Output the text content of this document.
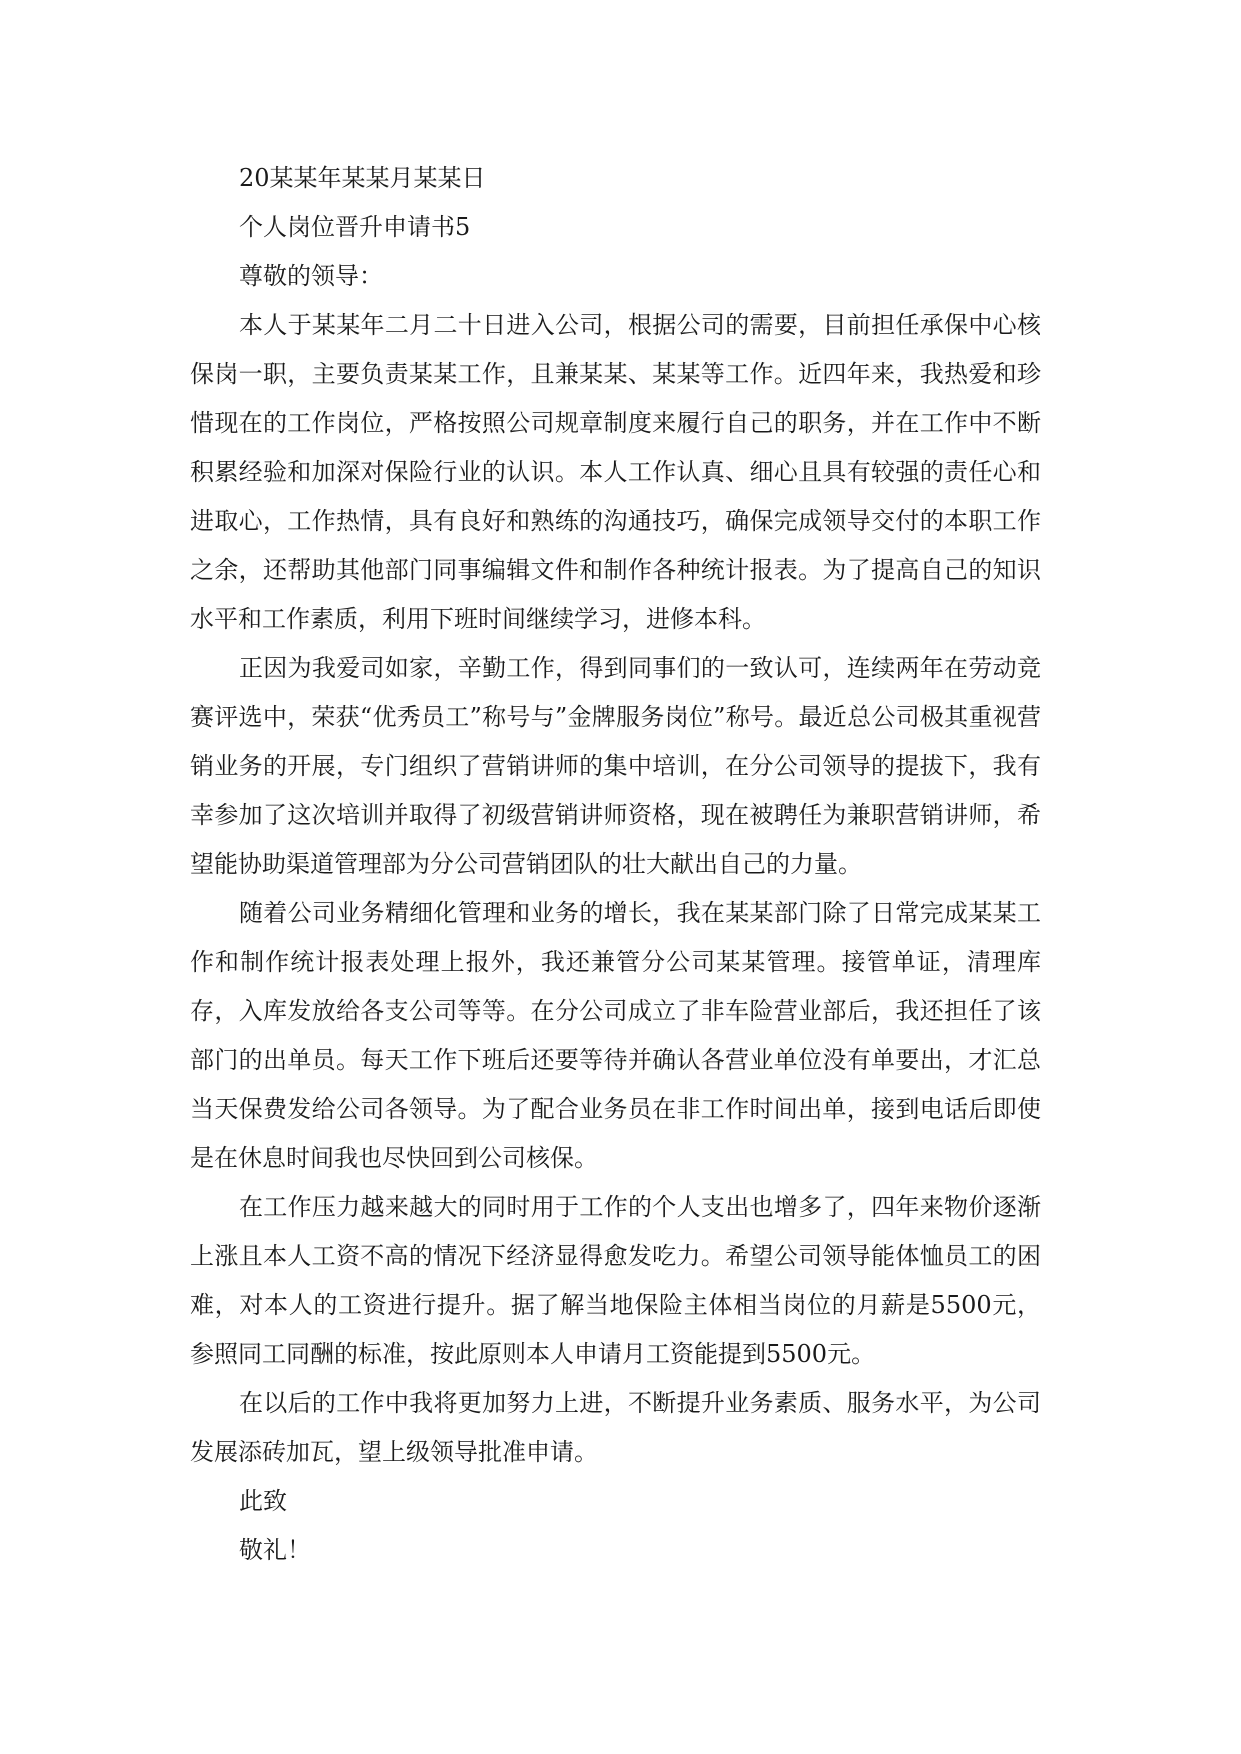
20某某年某某月某某日

个人岗位晋升申请书5

尊敬的领导：

本人于某某年二月二十日进入公司，根据公司的需要，目前担任承保中心核保岗一职，主要负责某某工作，且兼某某、某某等工作。近四年来，我热爱和珍惜现在的工作岗位，严格按照公司规章制度来履行自己的职务，并在工作中不断积累经验和加深对保险行业的认识。本人工作认真、细心且具有较强的责任心和进取心，工作热情，具有良好和熟练的沟通技巧，确保完成领导交付的本职工作之余，还帮助其他部门同事编辑文件和制作各种统计报表。为了提高自己的知识水平和工作素质，利用下班时间继续学习，进修本科。

正因为我爱司如家，辛勤工作，得到同事们的一致认可，连续两年在劳动竞赛评选中，荣获“优秀员工”称号与”金牌服务岗位”称号。最近总公司极其重视营销业务的开展，专门组织了营销讲师的集中培训，在分公司领导的提拔下，我有幸参加了这次培训并取得了初级营销讲师资格，现在被聘任为兼职营销讲师，希望能协助渠道管理部为分公司营销团队的壮大献出自己的力量。

随着公司业务精细化管理和业务的增长，我在某某部门除了日常完成某某工作和制作统计报表处理上报外，我还兼管分公司某某管理。接管单证，清理库存，入库发放给各支公司等等。在分公司成立了非车险营业部后，我还担任了该部门的出单员。每天工作下班后还要等待并确认各营业单位没有单要出，才汇总当天保费发给公司各领导。为了配合业务员在非工作时间出单，接到电话后即使是在休息时间我也尽快回到公司核保。

在工作压力越来越大的同时用于工作的个人支出也增多了，四年来物价逐渐上涨且本人工资不高的情况下经济显得愈发吃力。希望公司领导能体恤员工的困难，对本人的工资进行提升。据了解当地保险主体相当岗位的月薪是5500元，参照同工同酬的标准，按此原则本人申请月工资能提到5500元。

在以后的工作中我将更加努力上进，不断提升业务素质、服务水平，为公司发展添砖加瓦，望上级领导批准申请。

此致

敬礼！
